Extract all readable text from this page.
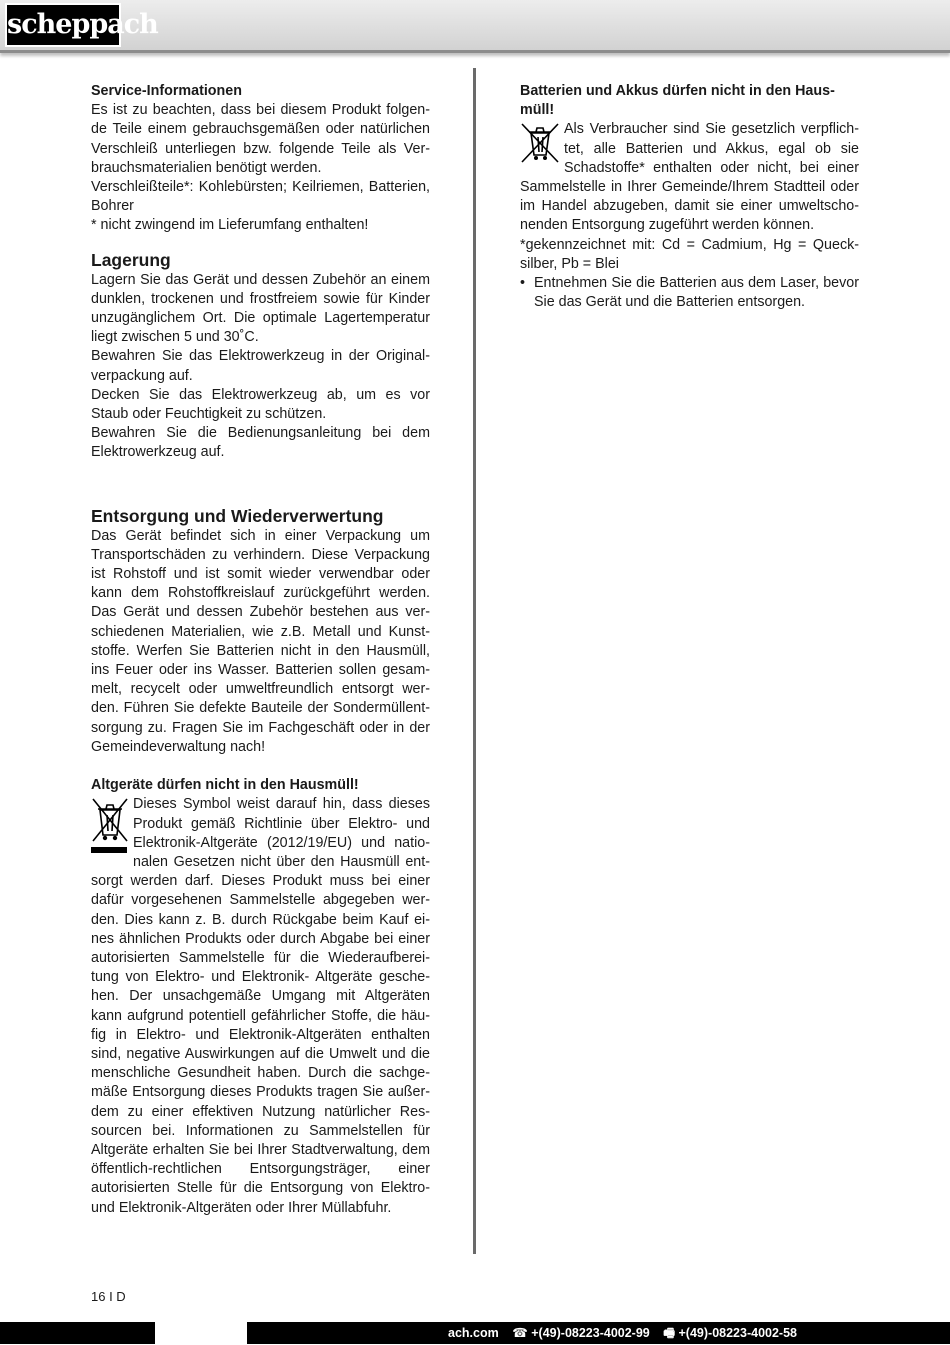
scheppach
Service-Informationen

Es ist zu beachten, dass bei diesem Produkt folgen-de Teile einem gebrauchsgemäßen oder natürlichen Verschleiß unterliegen bzw. folgende Teile als Ver-brauchsmaterialien benötigt werden.

Verschleißteile*: Kohlebürsten; Keilriemen, Batterien, Bohrer

* nicht zwingend im Lieferumfang enthalten!

Lagerung

Lagern Sie das Gerät und dessen Zubehör an einem dunklen, trockenen und frostfreiem sowie für Kinder unzugänglichem Ort. Die optimale Lagertemperatur liegt zwischen 5 und 30˚C.

Bewahren Sie das Elektrowerkzeug in der Original-verpackung auf.

Decken Sie das Elektrowerkzeug ab, um es vor Staub oder Feuchtigkeit zu schützen.

Bewahren Sie die Bedienungsanleitung bei dem Elektrowerkzeug auf.

Entsorgung und Wiederverwertung

Das Gerät befindet sich in einer Verpackung um Transportschäden zu verhindern. Diese Verpackung ist Rohstoff und ist somit wieder verwendbar oder kann dem Rohstoffkreislauf zurückgeführt werden. Das Gerät und dessen Zubehör bestehen aus ver-schiedenen Materialien, wie z.B. Metall und Kunst-stoffe. Werfen Sie Batterien nicht in den Hausmüll, ins Feuer oder ins Wasser. Batterien sollen gesam-melt, recycelt oder umweltfreundlich entsorgt wer-den. Führen Sie defekte Bauteile der Sondermüllent-sorgung zu. Fragen Sie im Fachgeschäft oder in der Gemeindeverwaltung nach!

Altgeräte dürfen nicht in den Hausmüll!

Dieses Symbol weist darauf hin, dass dieses Produkt gemäß Richtlinie über Elektro- und Elektronik-Altgeräte (2012/19/EU) und natio-nalen Gesetzen nicht über den Hausmüll ent-sorgt werden darf. Dieses Produkt muss bei einer dafür vorgesehenen Sammelstelle abgegeben wer-den. Dies kann z. B. durch Rückgabe beim Kauf ei-nes ähnlichen Produkts oder durch Abgabe bei einer autorisierten Sammelstelle für die Wiederaufberei-tung von Elektro- und Elektronik- Altgeräte gesche-hen. Der unsachgemäße Umgang mit Altgeräten kann aufgrund potentiell gefährlicher Stoffe, die häu-fig in Elektro- und Elektronik-Altgeräten enthalten sind, negative Auswirkungen auf die Umwelt und die menschliche Gesundheit haben. Durch die sachge-mäße Entsorgung dieses Produkts tragen Sie außer-dem zu einer effektiven Nutzung natürlicher Res-sourcen bei. Informationen zu Sammelstellen für Altgeräte erhalten Sie bei Ihrer Stadtverwaltung, dem öffentlich-rechtlichen Entsorgungsträger, einer autorisierten Stelle für die Entsorgung von Elektro-und Elektronik-Altgeräten oder Ihrer Müllabfuhr.

Batterien und Akkus dürfen nicht in den Haus-müll!

Als Verbraucher sind Sie gesetzlich verpflich-tet, alle Batterien und Akkus, egal ob sie Schadstoffe* enthalten oder nicht, bei einer Sammelstelle in Ihrer Gemeinde/Ihrem Stadtteil oder im Handel abzugeben, damit sie einer umweltscho-nenden Entsorgung zugeführt werden können.

*gekennzeichnet mit: Cd = Cadmium, Hg = Queck-silber, Pb = Blei

• Entnehmen Sie die Batterien aus dem Laser, bevor Sie das Gerät und die Batterien entsorgen.
16 I D
ach.com ☎ +(49)-08223-4002-99 🖷 +(49)-08223-4002-58
